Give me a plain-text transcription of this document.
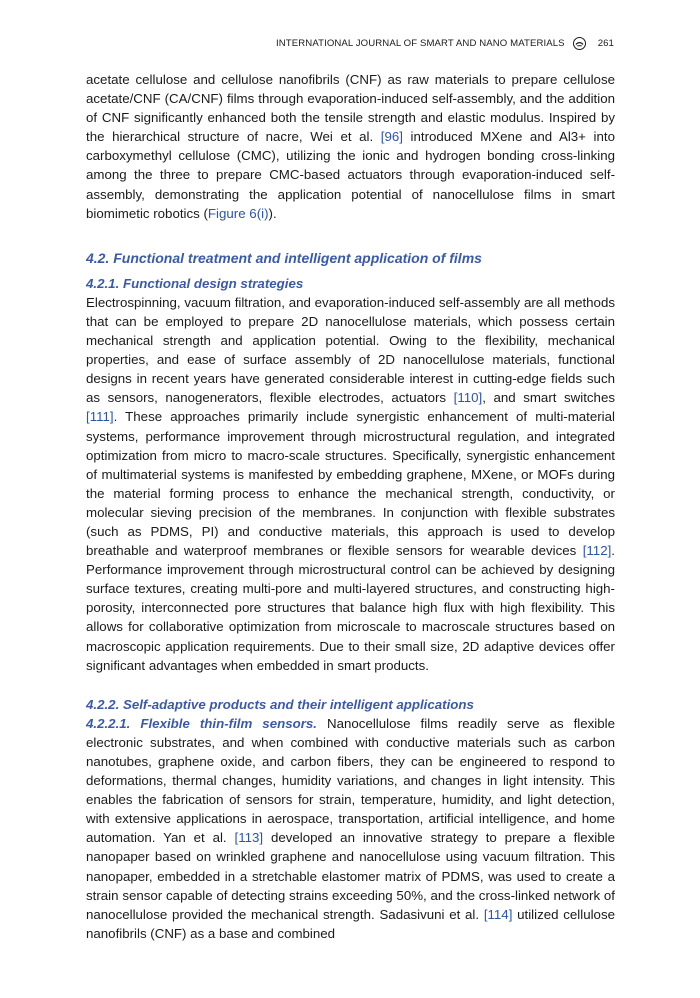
INTERNATIONAL JOURNAL OF SMART AND NANO MATERIALS	261

acetate cellulose and cellulose nanofibrils (CNF) as raw materials to prepare cellulose acetate/CNF (CA/CNF) films through evaporation-induced self-assembly, and the addition of CNF significantly enhanced both the tensile strength and elastic modulus. Inspired by the hierarchical structure of nacre, Wei et al. [96] introduced MXene and Al3+ into carboxymethyl cellulose (CMC), utilizing the ionic and hydrogen bonding cross-linking among the three to prepare CMC-based actuators through evaporation-induced self-assembly, demonstrating the application potential of nanocellulose films in smart biomimetic robotics (Figure 6(i)).

4.2. Functional treatment and intelligent application of films
4.2.1. Functional design strategies

Electrospinning, vacuum filtration, and evaporation-induced self-assembly are all methods that can be employed to prepare 2D nanocellulose materials, which possess certain mechanical strength and application potential. Owing to the flexibility, mechanical properties, and ease of surface assembly of 2D nanocellulose materials, functional designs in recent years have generated considerable interest in cutting-edge fields such as sensors, nanogenerators, flexible electrodes, actuators [110], and smart switches [111]. These approaches primarily include synergistic enhancement of multi-material systems, performance improvement through microstructural regulation, and integrated optimization from micro to macro-scale structures. Specifically, synergistic enhancement of multimaterial systems is manifested by embedding graphene, MXene, or MOFs during the material forming process to enhance the mechanical strength, conductivity, or molecular sieving precision of the membranes. In conjunction with flexible substrates (such as PDMS, PI) and conductive materials, this approach is used to develop breathable and waterproof membranes or flexible sensors for wearable devices [112]. Performance improvement through microstructural control can be achieved by designing surface textures, creating multi-pore and multi-layered structures, and constructing high-porosity, interconnected pore structures that balance high flux with high flexibility. This allows for collaborative optimization from microscale to macroscale structures based on macroscopic application requirements. Due to their small size, 2D adaptive devices offer significant advantages when embedded in smart products.

4.2.2. Self-adaptive products and their intelligent applications

4.2.2.1. Flexible thin-film sensors. Nanocellulose films readily serve as flexible electronic substrates, and when combined with conductive materials such as carbon nanotubes, graphene oxide, and carbon fibers, they can be engineered to respond to deformations, thermal changes, humidity variations, and changes in light intensity. This enables the fabrication of sensors for strain, temperature, humidity, and light detection, with extensive applications in aerospace, transportation, artificial intelligence, and home automation. Yan et al. [113] developed an innovative strategy to prepare a flexible nanopaper based on wrinkled graphene and nanocellulose using vacuum filtration. This nanopaper, embedded in a stretchable elastomer matrix of PDMS, was used to create a strain sensor capable of detecting strains exceeding 50%, and the cross-linked network of nanocellulose provided the mechanical strength. Sadasivuni et al. [114] utilized cellulose nanofibrils (CNF) as a base and combined
